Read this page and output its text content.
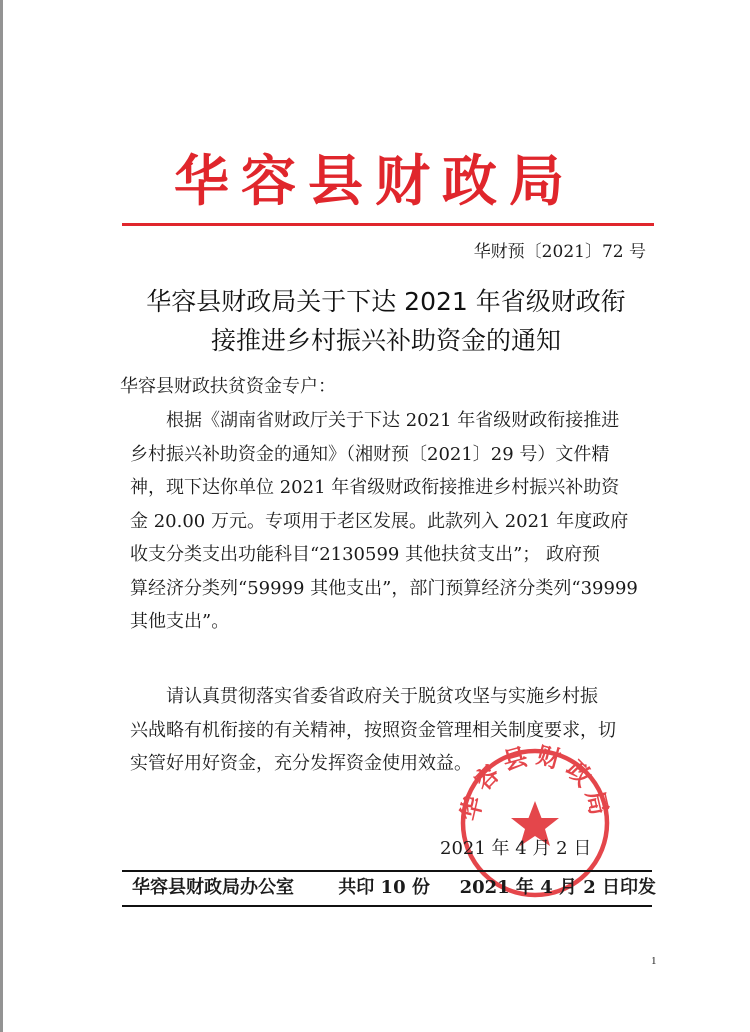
华容县财政局
华财预〔2021〕72 号
华容县财政局关于下达 2021 年省级财政衔
接推进乡村振兴补助资金的通知
华容县财政扶贫资金专户：
根据《湖南省财政厅关于下达 2021 年省级财政衔接推进
乡村振兴补助资金的通知》（湘财预〔2021〕29 号）文件精
神，现下达你单位 2021 年省级财政衔接推进乡村振兴补助资
金 20.00 万元。专项用于老区发展。此款列入 2021 年度政府
收支分类支出功能科目“2130599 其他扶贫支出”； 政府预
算经济分类列“59999 其他支出”，部门预算经济分类列“39999
其他支出”。
请认真贯彻落实省委省政府关于脱贫攻坚与实施乡村振
兴战略有机衔接的有关精神，按照资金管理相关制度要求，切
实管好用好资金，充分发挥资金使用效益。
华容县财政局
2021 年 4 月 2 日
华容县财政局办公室 共印 10 份 2021 年 4 月 2 日印发
1
